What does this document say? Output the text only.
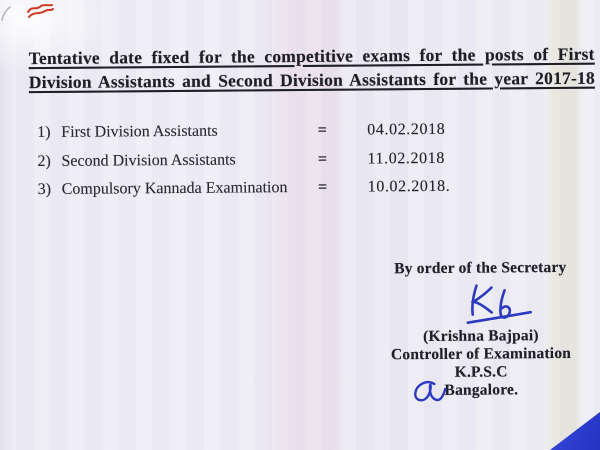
Tentative date fixed for the competitive exams for the posts of First
Division Assistants and Second Division Assistants for the year 2017-18
1) First Division Assistants	=	04.02.2018
2) Second Division Assistants	=	11.02.2018
3) Compulsory Kannada Examination	=	10.02.2018.
By order of the Secretary
(Krishna Bajpai)
Controller of Examination
K.P.S.C
Bangalore.
